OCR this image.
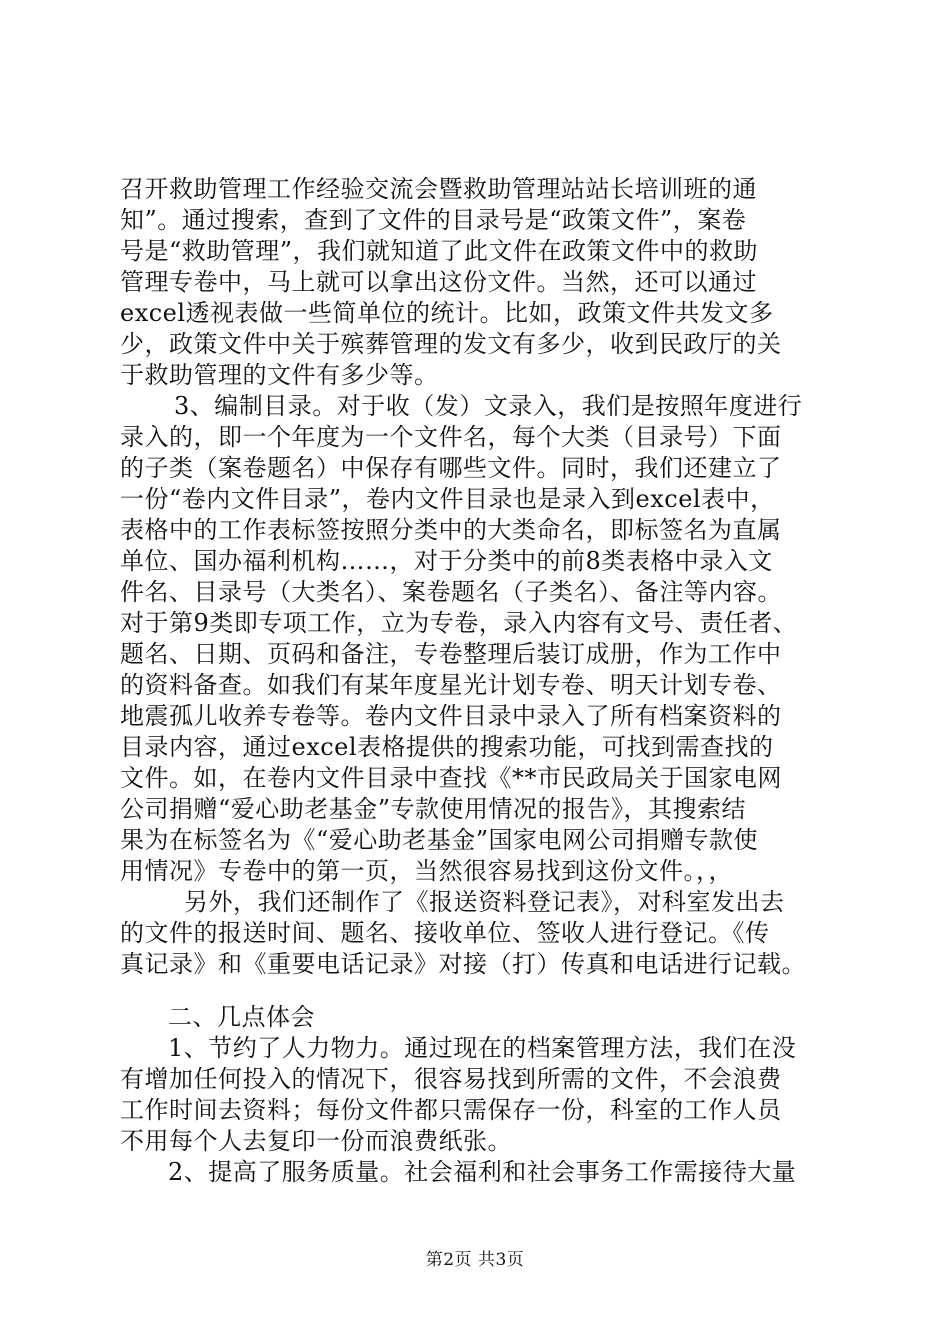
召开救助管理工作经验交流会暨救助管理站站长培训班的通
知”。通过搜索，查到了文件的目录号是“政策文件”，案卷
号是“救助管理”，我们就知道了此文件在政策文件中的救助
管理专卷中，马上就可以拿出这份文件。当然，还可以通过
excel透视表做一些简单位的统计。比如，政策文件共发文多
少，政策文件中关于殡葬管理的发文有多少，收到民政厅的关
于救助管理的文件有多少等。
3、编制目录。对于收（发）文录入，我们是按照年度进行
录入的，即一个年度为一个文件名，每个大类（目录号）下面
的子类（案卷题名）中保存有哪些文件。同时，我们还建立了
一份“卷内文件目录”，卷内文件目录也是录入到excel表中，
表格中的工作表标签按照分类中的大类命名，即标签名为直属
单位、国办福利机构……，对于分类中的前8类表格中录入文
件名、目录号（大类名）、案卷题名（子类名）、备注等内容。
对于第9类即专项工作，立为专卷，录入内容有文号、责任者、
题名、日期、页码和备注，专卷整理后装订成册，作为工作中
的资料备查。如我们有某年度星光计划专卷、明天计划专卷、
地震孤儿收养专卷等。卷内文件目录中录入了所有档案资料的
目录内容，通过excel表格提供的搜索功能，可找到需查找的
文件。如，在卷内文件目录中查找《**市民政局关于国家电网
公司捐赠“爱心助老基金”专款使用情况的报告》，其搜索结
果为在标签名为《“爱心助老基金”国家电网公司捐赠专款使
用情况》专卷中的第一页，当然很容易找到这份文件。，，
另外，我们还制作了《报送资料登记表》，对科室发出去
的文件的报送时间、题名、接收单位、签收人进行登记。《传
真记录》和《重要电话记录》对接（打）传真和电话进行记载。
二、几点体会
1、节约了人力物力。通过现在的档案管理方法，我们在没
有增加任何投入的情况下，很容易找到所需的文件，不会浪费
工作时间去资料；每份文件都只需保存一份，科室的工作人员
不用每个人去复印一份而浪费纸张。
2、提高了服务质量。社会福利和社会事务工作需接待大量
第2页 共3页
